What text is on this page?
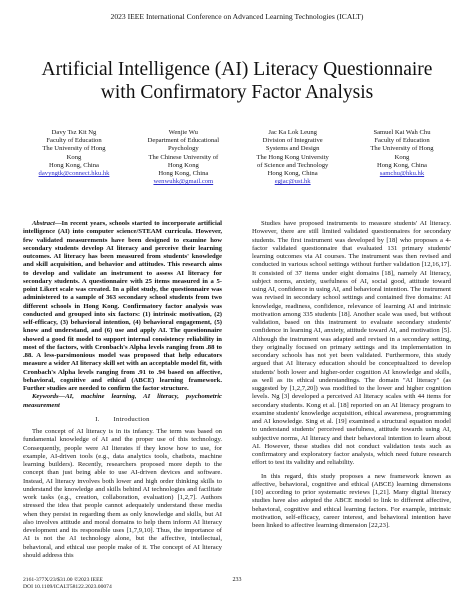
2023 IEEE International Conference on Advanced Learning Technologies (ICALT)
Artificial Intelligence (AI) Literacy Questionnaire
with Confirmatory Factor Analysis
Davy Tsz Kit Ng
Faculty of Education
The University of Hong
Kong
Hong Kong, China
davyngtk@connect.hku.hk
Wenjie Wu
Department of Educational
Psychology
The Chinese University of
Hong Kong
Hong Kong, China
wenwuhk@gmail.com
Jac Ka Lok Leung
Division of Integrative
Systems and Design
The Hong Kong University
of Science and Technology
Hong Kong, China
egjac@ust.hk
Samuel Kai Wah Chu
Faculty of Education
The University of Hong
Kong
Hong Kong, China
samchu@hku.hk

Abstract—In recent years, schools started to incorporate artificial intelligence (AI) into computer science/STEAM curricula. However, few validated measurements have been designed to examine how secondary students develop AI literacy and perceive their learning outcomes. AI literacy has been measured from students' knowledge and skill acquisition, and behavior and attitudes. This research aims to develop and validate an instrument to assess AI literacy for secondary students. A questionnaire with 25 items measured in a 5-point Likert scale was created. In a pilot study, the questionnaire was administered to a sample of 363 secondary school students from two different schools in Hong Kong. Confirmatory factor analysis was conducted and grouped into six factors: (1) intrinsic motivation, (2) self-efficacy, (3) behavioral intention, (4) behavioral engagement, (5) know and understand, and (6) use and apply AI. The questionnaire showed a good fit model to support internal consistency reliability in most of the factors, with Cronbach's Alpha levels ranging from .88 to .88. A less-parsimonious model was proposed that help educators measure a wider AI literacy skill set with an acceptable model fit, with Cronbach's Alpha levels ranging from .91 to .94 based on affective, behavioral, cognitive and ethical (ABCE) learning framework. Further studies are needed to confirm the factor structure.

Keywords—AI, machine learning, AI literacy, psychometric measurement

I.  Introduction

The concept of AI literacy is in its infancy. The term was based on fundamental knowledge of AI and the proper use of this technology. Consequently, people were AI literates if they know how to use, for example, AI-driven tools (e.g., data analytics tools, chatbots, machine learning builders). Recently, researchers proposed more depth to the concept than just being able to use AI-driven devices and software. Instead, AI literacy involves both lower and high order thinking skills to understand the knowledge and skills behind AI technologies and facilitate work tasks (e.g., creation, collaboration, evaluation) [1,2,7]. Authors stressed the idea that people cannot adequately understand these media when they persist in regarding them as only knowledge and skills, but AI also involves attitude and moral domains to help them inform AI literacy development and its responsible uses [1,7,9,10]. Thus, the importance of AI is not the AI technology alone, but the affective, intellectual, behavioral, and ethical use people make of it. The concept of AI literacy should address this

Studies have proposed instruments to measure students' AI literacy. However, there are still limited validated questionnaires for secondary students. The first instrument was developed by [18] who proposes a 4-factor validated questionnaire that evaluated 131 primary students' learning outcomes via AI courses. The instrument was then revised and conducted in various school settings without further validation [12,16,17]. It consisted of 37 items under eight domains [18], namely AI literacy, subject norms, anxiety, usefulness of AI, social good, attitude toward using AI, confidence in using AI, and behavioral intention. The instrument was revised in secondary school settings and contained five domains: AI knowledge, readiness, confidence, relevance of learning AI and intrinsic motivation among 335 students [18]. Another scale was used, but without validation, based on this instrument to evaluate secondary students' confidence in learning AI, anxiety, attitude toward AI, and motivation [5]. Although the instrument was adapted and revised in a secondary setting, they originally focused on primary settings and its implementation in secondary schools has not yet been validated. Furthermore, this study argued that AI literacy education should be conceptualized to develop students' both lower and higher-order cognition AI knowledge and skills, as well as its ethical understandings. The domain "AI literacy" (as suggested by [1,2,7,20]) was modified to the lower and higher cognition levels. Ng [3] developed a perceived AI literacy scales with 44 items for secondary students. Kong et al. [18] reported on an AI literacy program to examine students' knowledge acquisition, ethical awareness, programming and AI knowledge. Sing et al. [19] examined a structural equation model to understand students' perceived usefulness, attitude towards using AI, subjective norms, AI literacy and their behavioral intention to learn about AI. However, these studies did not conduct validation tests such as confirmatory and exploratory factor analysis, which need future research effort to test its validity and reliability.

In this regard, this study proposes a new framework known as affective, behavioral, cognitive and ethical (ABCE) learning dimensions [10] according to prior systematic reviews [1,21]. Many digital literacy studies have also adopted the ABCE model to link to different affective, behavioral, cognitive and ethical learning factors. For example, intrinsic motivation, self-efficacy, career interest, and behavioral intention have been linked to affective learning dimension [22,23].

2161-377X/23/$31.00 ©2023 IEEE
DOI 10.1109/ICALT58122.2023.00074
233
